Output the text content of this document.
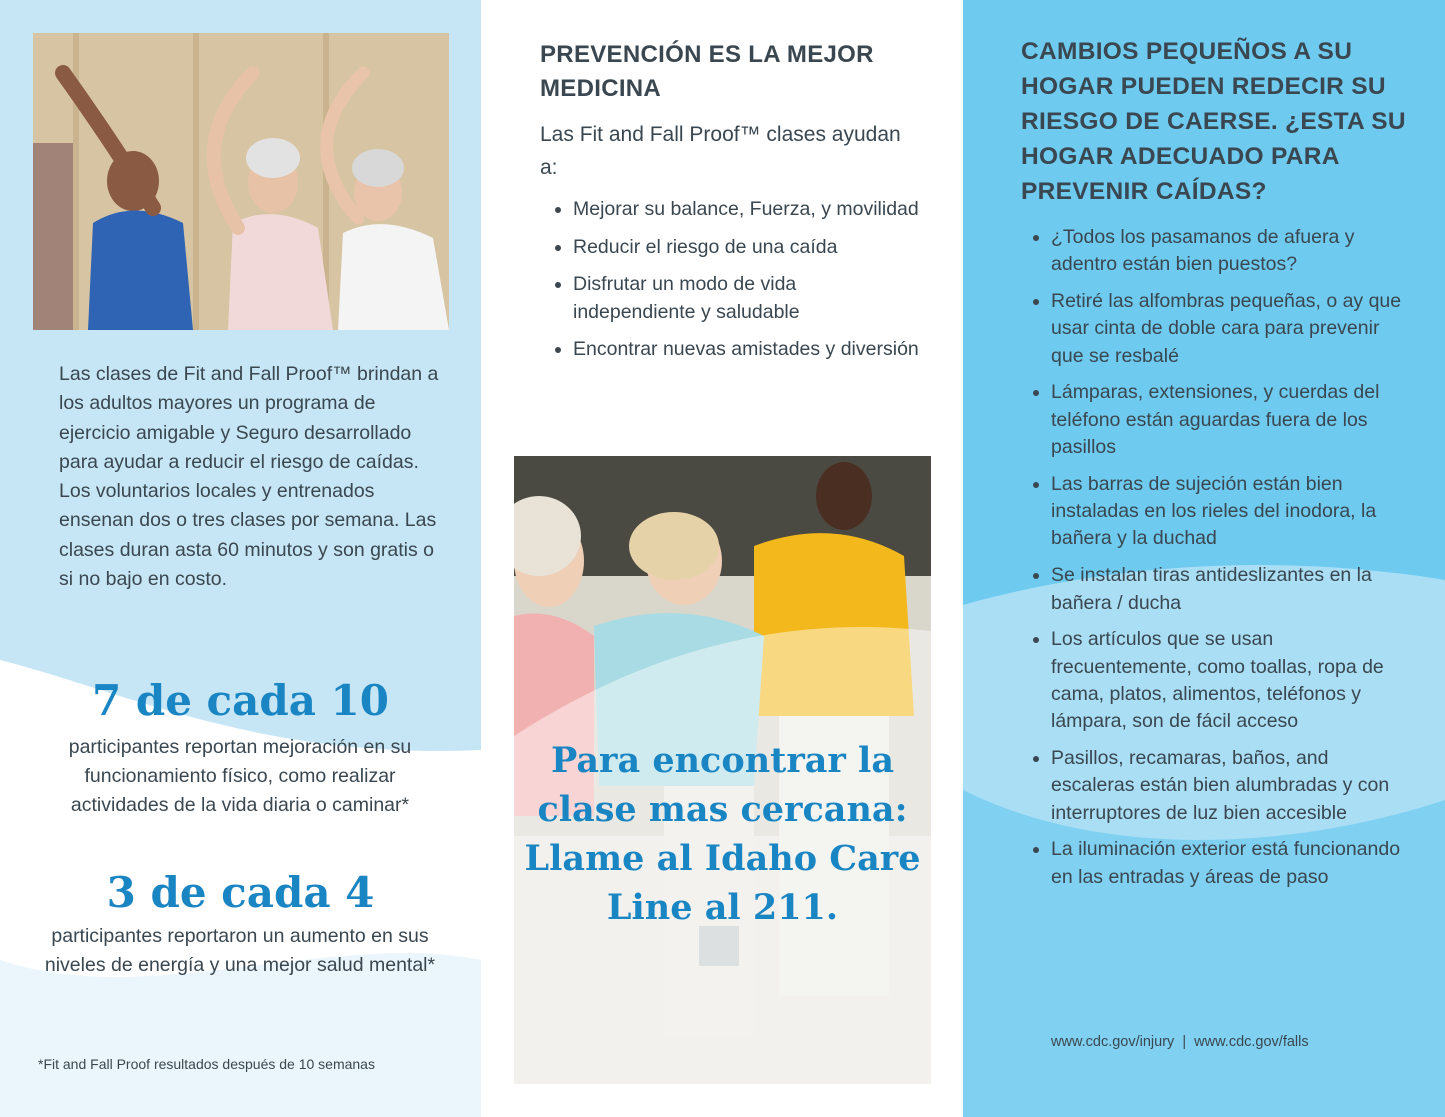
Las clases de Fit and Fall Proof™ brindan a los adultos mayores un programa de ejercicio amigable y Seguro desarrollado para ayudar a reducir el riesgo de caídas. Los voluntarios locales y entrenados ensenan dos o tres clases por semana. Las clases duran asta 60 minutos y son gratis o si no bajo en costo.

7 de cada 10

participantes reportan mejoración en su funcionamiento físico, como realizar actividades de la vida diaria o caminar*

3 de cada 4

participantes reportaron un aumento en sus niveles de energía y una mejor salud mental*

*Fit and Fall Proof resultados después de 10 semanas

PREVENCIÓN ES LA MEJOR MEDICINA

Las Fit and Fall Proof™ clases ayudan a:

• Mejorar su balance, Fuerza, y movilidad
• Reducir el riesgo de una caída
• Disfrutar un modo de vida independiente y saludable
• Encontrar nuevas amistades y diversión

Para encontrar la clase mas cercana: Llame al Idaho Care Line al 211.

CAMBIOS PEQUEÑOS A SU HOGAR PUEDEN REDECIR SU RIESGO DE CAERSE. ¿ESTA SU HOGAR ADECUADO PARA PREVENIR CAÍDAS?
• ¿Todos los pasamanos de afuera y adentro están bien puestos?
• Retiré las alfombras pequeñas, o ay que usar cinta de doble cara para prevenir que se resbalé
• Lámparas, extensiones, y cuerdas del teléfono están aguardas fuera de los pasillos
• Las barras de sujeción están bien instaladas en los rieles del inodora, la bañera y la duchad
• Se instalan tiras antideslizantes en la bañera / ducha
• Los artículos que se usan frecuentemente, como toallas, ropa de cama, platos, alimentos, teléfonos y lámpara, son de fácil acceso
• Pasillos, recamaras, baños, and escaleras están bien alumbradas y con interruptores de luz bien accesible
• La iluminación exterior está funcionando en las entradas y áreas de paso

www.cdc.gov/injury  |  www.cdc.gov/falls
